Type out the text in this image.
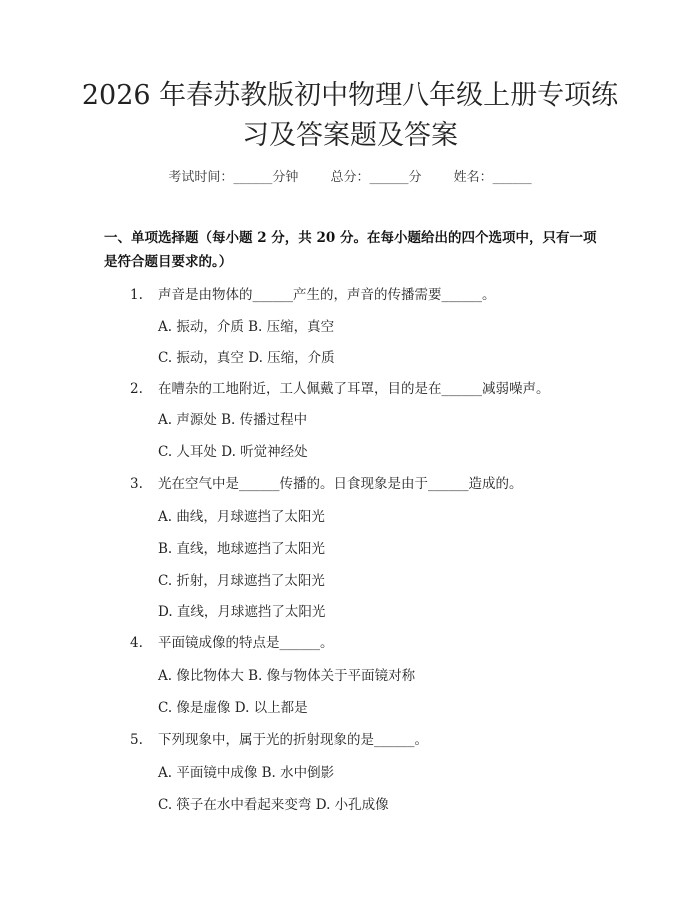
2026 年春苏教版初中物理八年级上册专项练
习及答案题及答案
考试时间：______分钟 总分：______分 姓名：______
一、单项选择题（每小题 2 分，共 20 分。在每小题给出的四个选项中，只有一项是符合题目要求的。）
1. 声音是由物体的______产生的，声音的传播需要______。
A. 振动，介质 B. 压缩，真空
C. 振动，真空 D. 压缩，介质
2. 在嘈杂的工地附近，工人佩戴了耳罩，目的是在______减弱噪声。
A. 声源处 B. 传播过程中
C. 人耳处 D. 听觉神经处
3. 光在空气中是______传播的。日食现象是由于______造成的。
A. 曲线，月球遮挡了太阳光
B. 直线，地球遮挡了太阳光
C. 折射，月球遮挡了太阳光
D. 直线，月球遮挡了太阳光
4. 平面镜成像的特点是______。
A. 像比物体大 B. 像与物体关于平面镜对称
C. 像是虚像 D. 以上都是
5. 下列现象中，属于光的折射现象的是______。
A. 平面镜中成像 B. 水中倒影
C. 筷子在水中看起来变弯 D. 小孔成像
